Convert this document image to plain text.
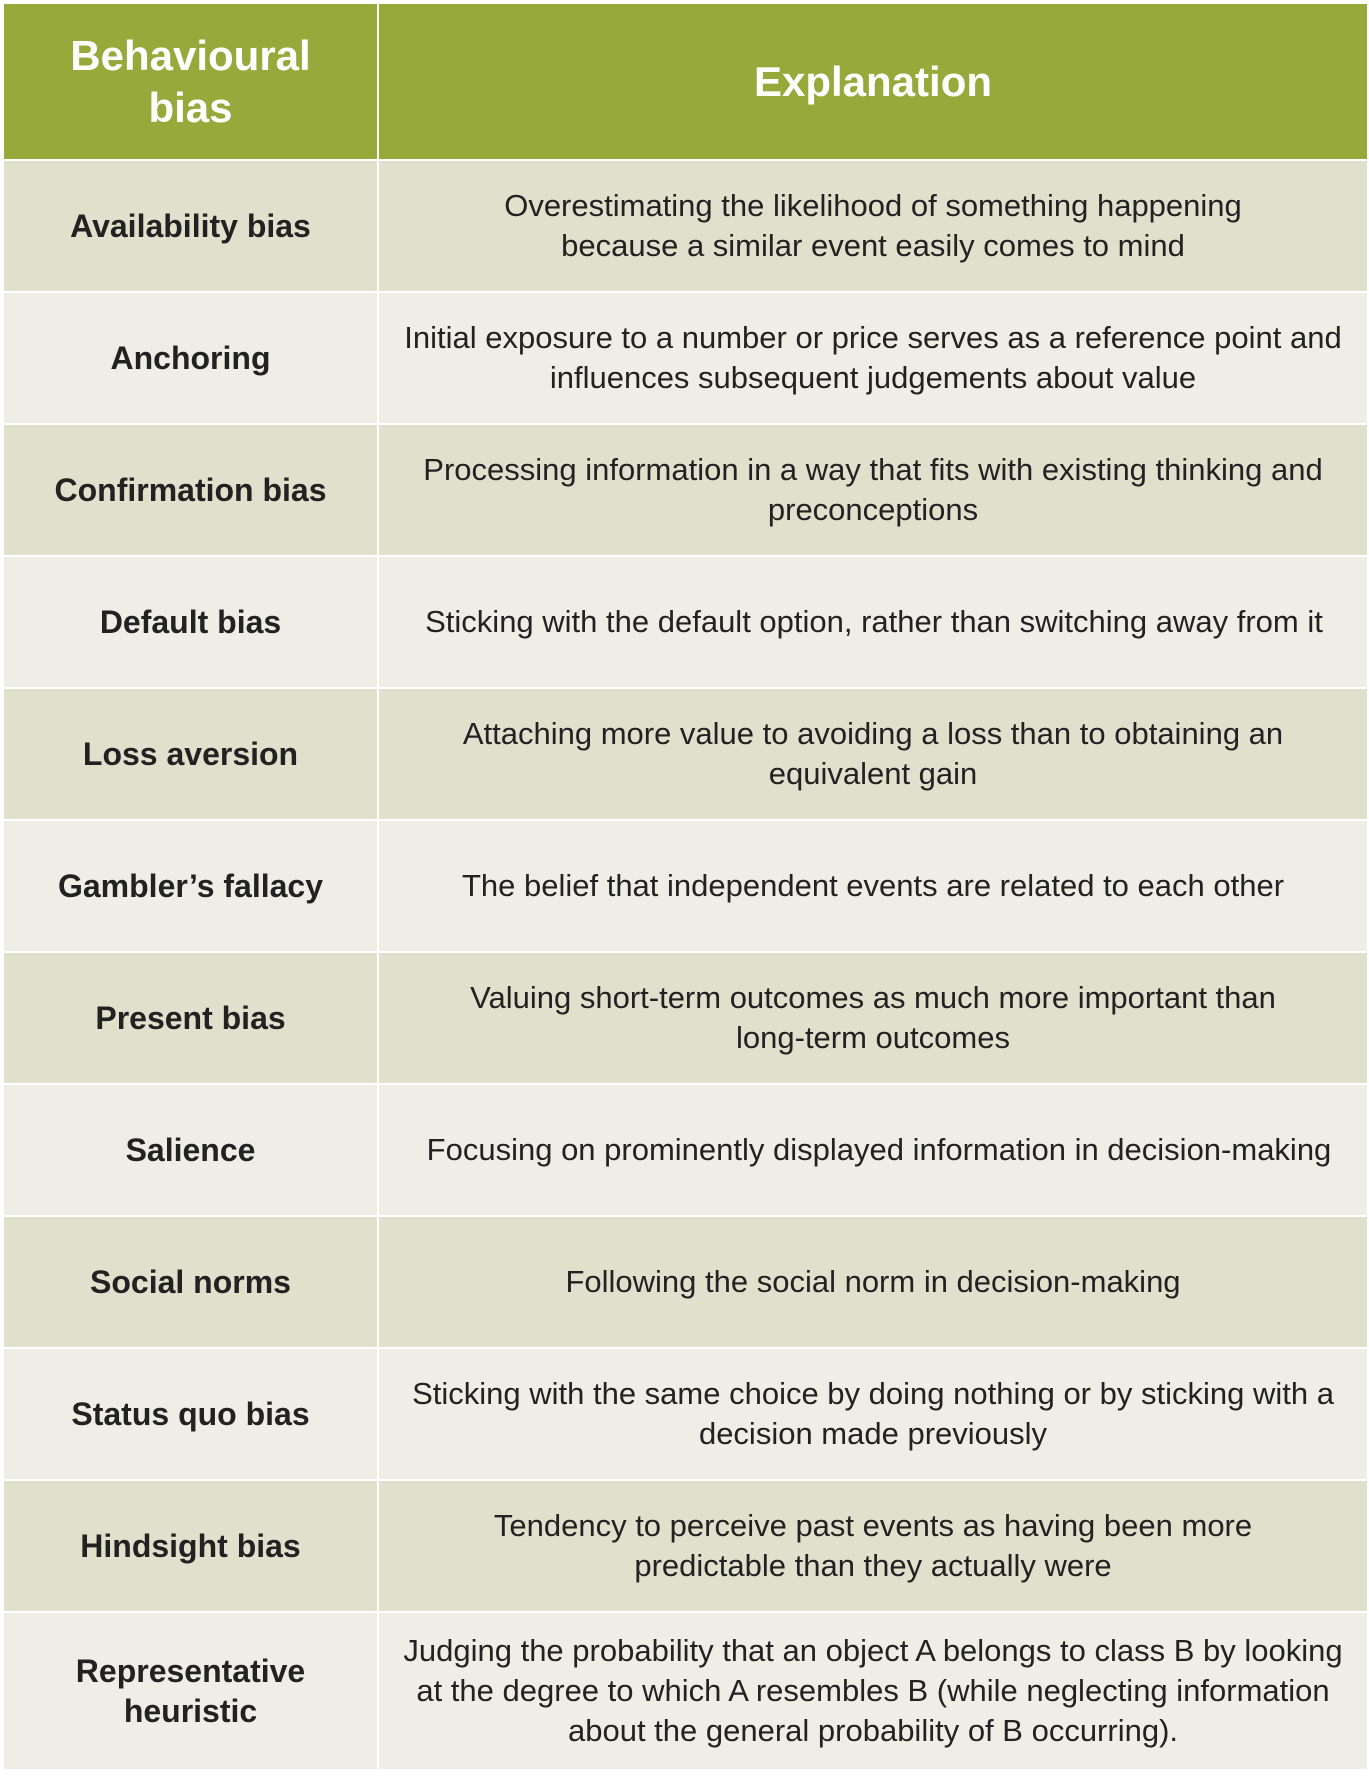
Behavioural bias	Explanation
Availability bias	Overestimating the likelihood of something happening because a similar event easily comes to mind
Anchoring	Initial exposure to a number or price serves as a reference point and influences subsequent judgements about value
Confirmation bias	Processing information in a way that fits with existing thinking and preconceptions
Default bias	Sticking with the default option, rather than switching away from it
Loss aversion	Attaching more value to avoiding a loss than to obtaining an equivalent gain
Gambler’s fallacy	The belief that independent events are related to each other
Present bias	Valuing short-term outcomes as much more important than long-term outcomes
Salience	Focusing on prominently displayed information in decision-making
Social norms	Following the social norm in decision-making
Status quo bias	Sticking with the same choice by doing nothing or by sticking with a decision made previously
Hindsight bias	Tendency to perceive past events as having been more predictable than they actually were
Representative heuristic	Judging the probability that an object A belongs to class B by looking at the degree to which A resembles B (while neglecting information about the general probability of B occurring).
